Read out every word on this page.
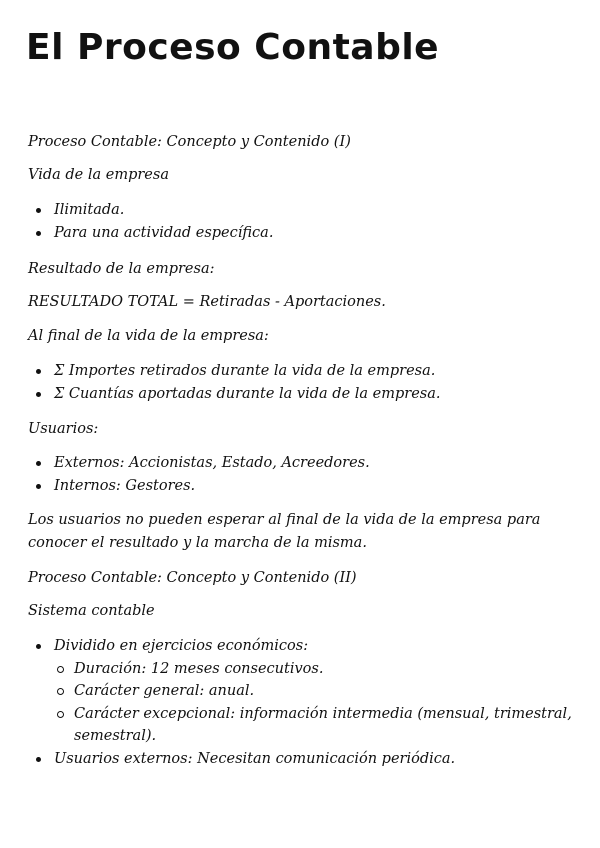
El Proceso Contable
Proceso Contable: Concepto y Contenido (I)
Vida de la empresa
Ilimitada.
Para una actividad específica.
Resultado de la empresa:
RESULTADO TOTAL = Retiradas - Aportaciones.
Al final de la vida de la empresa:
Σ Importes retirados durante la vida de la empresa.
Σ Cuantías aportadas durante la vida de la empresa.
Usuarios:
Externos: Accionistas, Estado, Acreedores.
Internos: Gestores.
Los usuarios no pueden esperar al final de la vida de la empresa para conocer el resultado y la marcha de la misma.
Proceso Contable: Concepto y Contenido (II)
Sistema contable
Dividido en ejercicios económicos:
Duración: 12 meses consecutivos.
Carácter general: anual.
Carácter excepcional: información intermedia (mensual, trimestral, semestral).
Usuarios externos: Necesitan comunicación periódica.
